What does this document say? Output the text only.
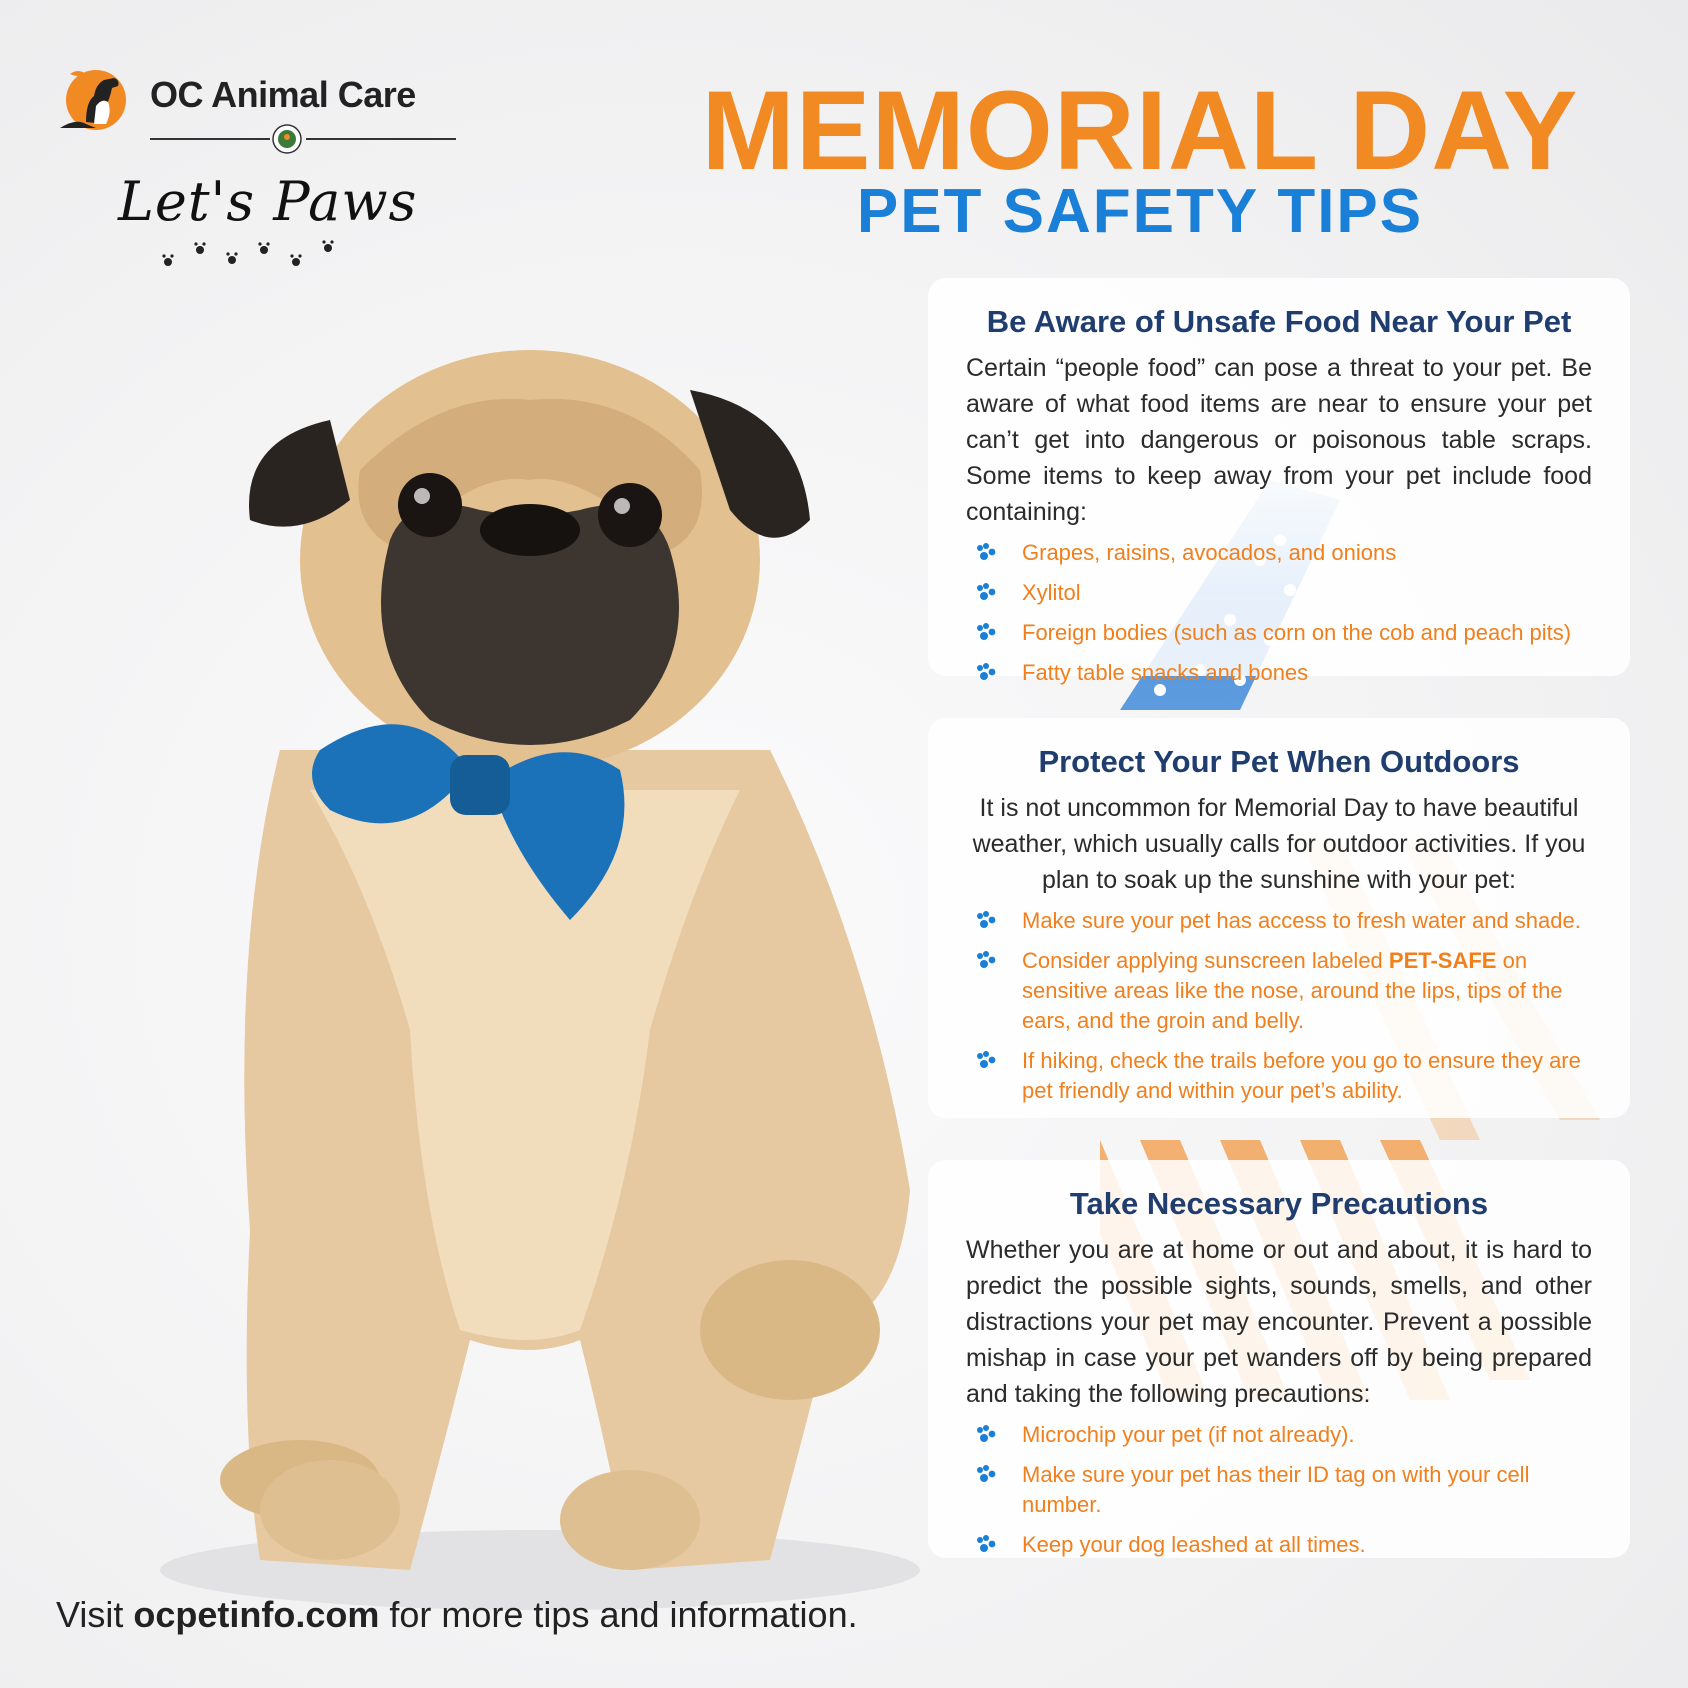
OC Animal Care
Let's Paws
MEMORIAL DAY
PET SAFETY TIPS
Be Aware of Unsafe Food Near Your Pet

Certain “people food” can pose a threat to your pet. Be aware of what food items are near to ensure your pet can’t get into dangerous or poisonous table scraps. Some items to keep away from your pet include food containing:

Grapes, raisins, avocados, and onions
Xylitol
Foreign bodies (such as corn on the cob and peach pits)
Fatty table snacks and bones
Protect Your Pet When Outdoors

It is not uncommon for Memorial Day to have beautiful weather, which usually calls for outdoor activities. If you plan to soak up the sunshine with your pet:

Make sure your pet has access to fresh water and shade.
Consider applying sunscreen labeled PET-SAFE on sensitive areas like the nose, around the lips, tips of the ears, and the groin and belly.
If hiking, check the trails before you go to ensure they are pet friendly and within your pet’s ability.
Take Necessary Precautions

Whether you are at home or out and about, it is hard to predict the possible sights, sounds, smells, and other distractions your pet may encounter. Prevent a possible mishap in case your pet wanders off by being prepared and taking the following precautions:

Microchip your pet (if not already).
Make sure your pet has their ID tag on with your cell number.
Keep your dog leashed at all times.
Visit ocpetinfo.com for more tips and information.
